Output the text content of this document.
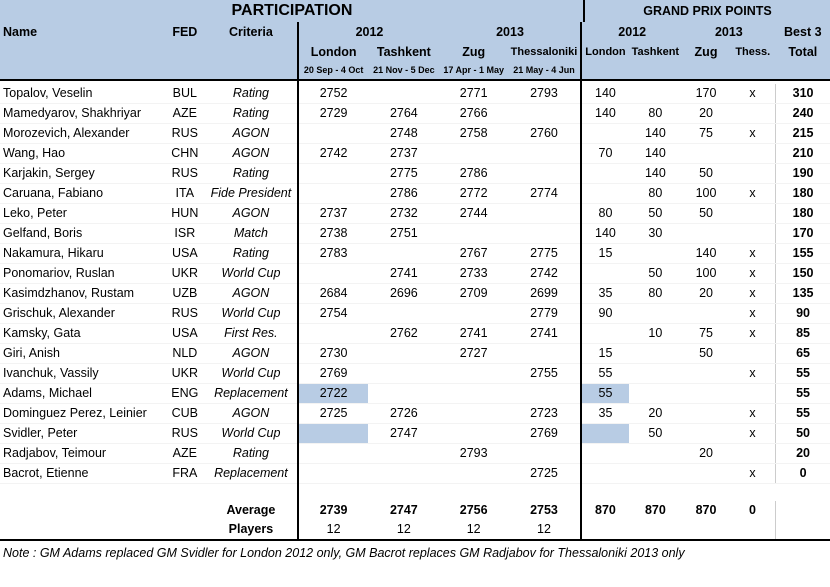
Name	FED	Criteria	2012		2013		2012		2013		Best 3
			London	Tashkent	Zug	Thessaloniki	London	Tashkent	Zug	Thess.	Total
			20 Sep - 4 Oct	21 Nov - 5 Dec	17 Apr - 1 May	21 May - 4 Jun					

Topalov, Veselin	BUL	Rating	2752		2771	2793	140		170	x	310
Mamedyarov, Shakhriyar	AZE	Rating	2729	2764	2766		140	80	20		240
Morozevich, Alexander	RUS	AGON		2748	2758	2760		140	75	x	215
Wang, Hao	CHN	AGON	2742	2737			70	140			210
Karjakin, Sergey	RUS	Rating		2775	2786			140	50		190
Caruana, Fabiano	ITA	Fide President		2786	2772	2774		80	100	x	180
Leko, Peter	HUN	AGON	2737	2732	2744		80	50	50		180
Gelfand, Boris	ISR	Match	2738	2751			140	30			170
Nakamura, Hikaru	USA	Rating	2783		2767	2775	15		140	x	155
Ponomariov, Ruslan	UKR	World Cup		2741	2733	2742		50	100	x	150
Kasimdzhanov, Rustam	UZB	AGON	2684	2696	2709	2699	35	80	20	x	135
Grischuk, Alexander	RUS	World Cup	2754			2779	90			x	90
Kamsky, Gata	USA	First Res.		2762	2741	2741		10	75	x	85
Giri, Anish	NLD	AGON	2730		2727		15		50		65
Ivanchuk, Vassily	UKR	World Cup	2769			2755	55			x	55
Adams, Michael	ENG	Replacement	2722				55				55
Dominguez Perez, Leinier	CUB	AGON	2725	2726		2723	35	20		x	55
Svidler, Peter	RUS	World Cup		2747		2769		50		x	50
Radjabov, Teimour	AZE	Rating			2793				20		20
Bacrot, Etienne	FRA	Replacement				2725				x	0

		Average	2739	2747	2756	2753	870	870	870	0	
		Players	12	12	12	12					
Note : GM Adams replaced GM Svidler for London 2012 only, GM Bacrot replaces GM Radjabov for Thessaloniki 2013 only											
PARTICIPATION	GRAND PRIX POINTS
